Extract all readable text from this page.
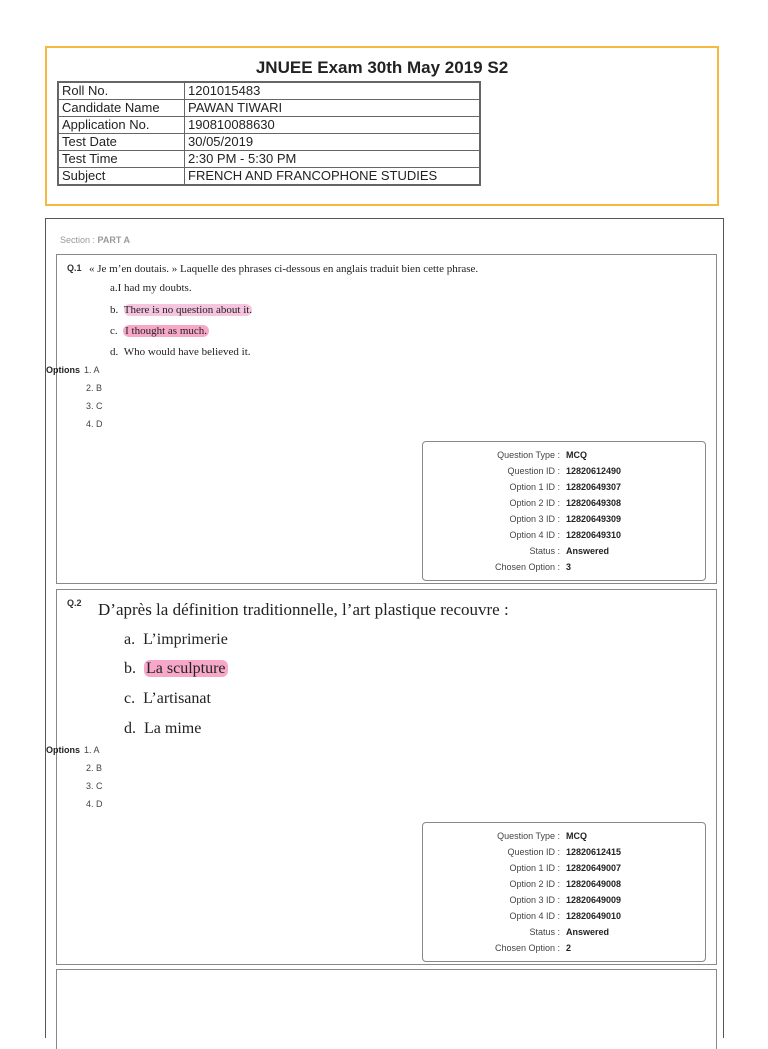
JNUEE Exam 30th May 2019 S2
Roll No.	1201015483
Candidate Name	PAWAN TIWARI
Application No.	190810088630
Test Date	30/05/2019
Test Time	2:30 PM - 5:30 PM
Subject	FRENCH AND FRANCOPHONE STUDIES
Section : PART A
Q.1 « Je m’en doutais. » Laquelle des phrases ci-dessous en anglais traduit bien cette phrase.
a.I had my doubts.
b. There is no question about it.
c. I thought as much.
d. Who would have believed it.
Options 1. A
2. B
3. C
4. D
Question Type : MCQ
Question ID : 12820612490
Option 1 ID : 12820649307
Option 2 ID : 12820649308
Option 3 ID : 12820649309
Option 4 ID : 12820649310
Status : Answered
Chosen Option : 3
Q.2 D’après la définition traditionnelle, l’art plastique recouvre :
a. L’imprimerie
b. La sculpture
c. L’artisanat
d. La mime
Options 1. A
2. B
3. C
4. D
Question Type : MCQ
Question ID : 12820612415
Option 1 ID : 12820649007
Option 2 ID : 12820649008
Option 3 ID : 12820649009
Option 4 ID : 12820649010
Status : Answered
Chosen Option : 2
